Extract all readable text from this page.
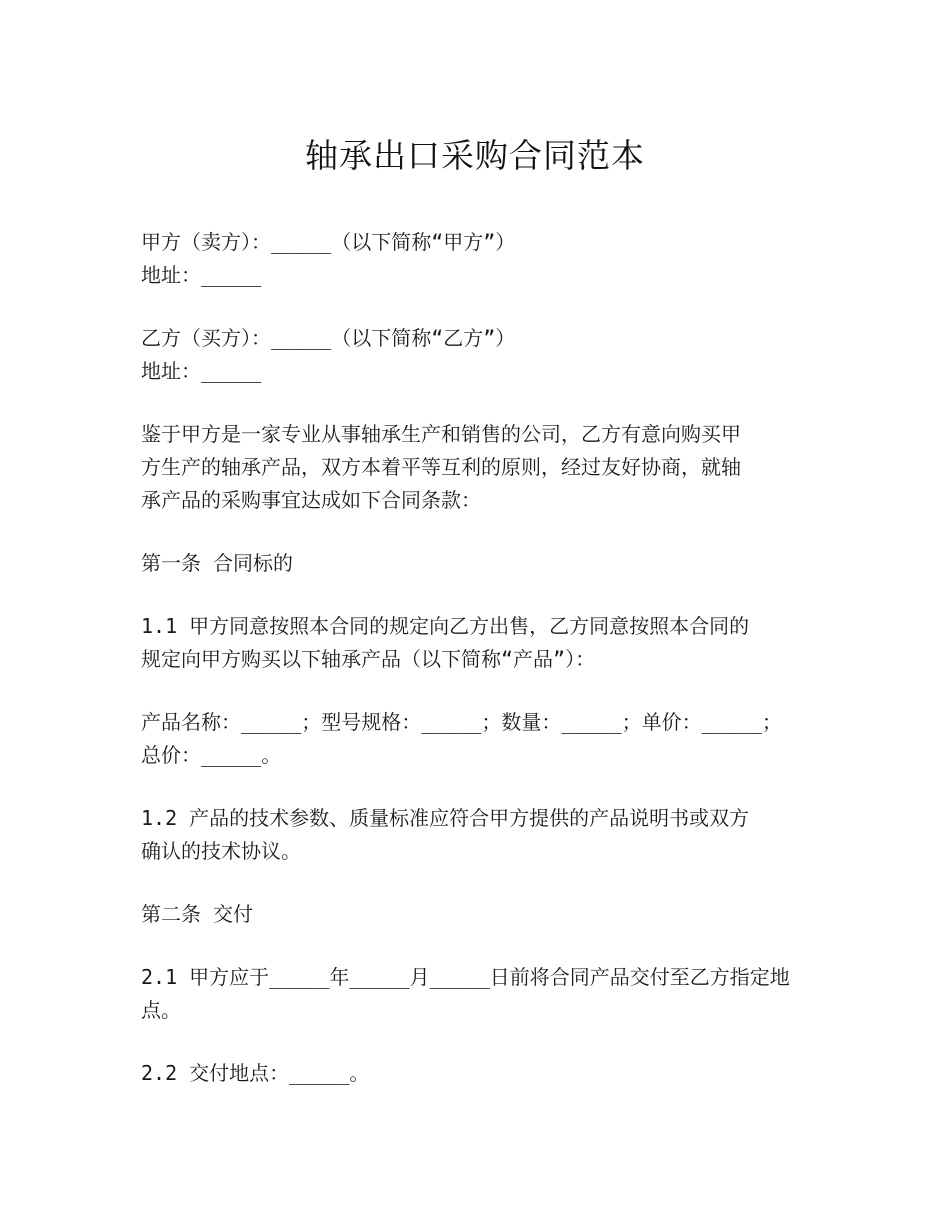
轴承出口采购合同范本
甲方（卖方）：_____（以下简称“甲方”）
地址：_____
乙方（买方）：_____（以下简称“乙方”）
地址：_____
鉴于甲方是一家专业从事轴承生产和销售的公司，乙方有意向购买甲
方生产的轴承产品，双方本着平等互利的原则，经过友好协商，就轴
承产品的采购事宜达成如下合同条款：
第一条 合同标的
1.1 甲方同意按照本合同的规定向乙方出售，乙方同意按照本合同的
规定向甲方购买以下轴承产品（以下简称“产品”）：
产品名称：_____；型号规格：_____；数量：_____；单价：_____；
总价：_____。
1.2 产品的技术参数、质量标准应符合甲方提供的产品说明书或双方
确认的技术协议。
第二条 交付
2.1 甲方应于_____年_____月_____日前将合同产品交付至乙方指定地
点。
2.2 交付地点：_____。
